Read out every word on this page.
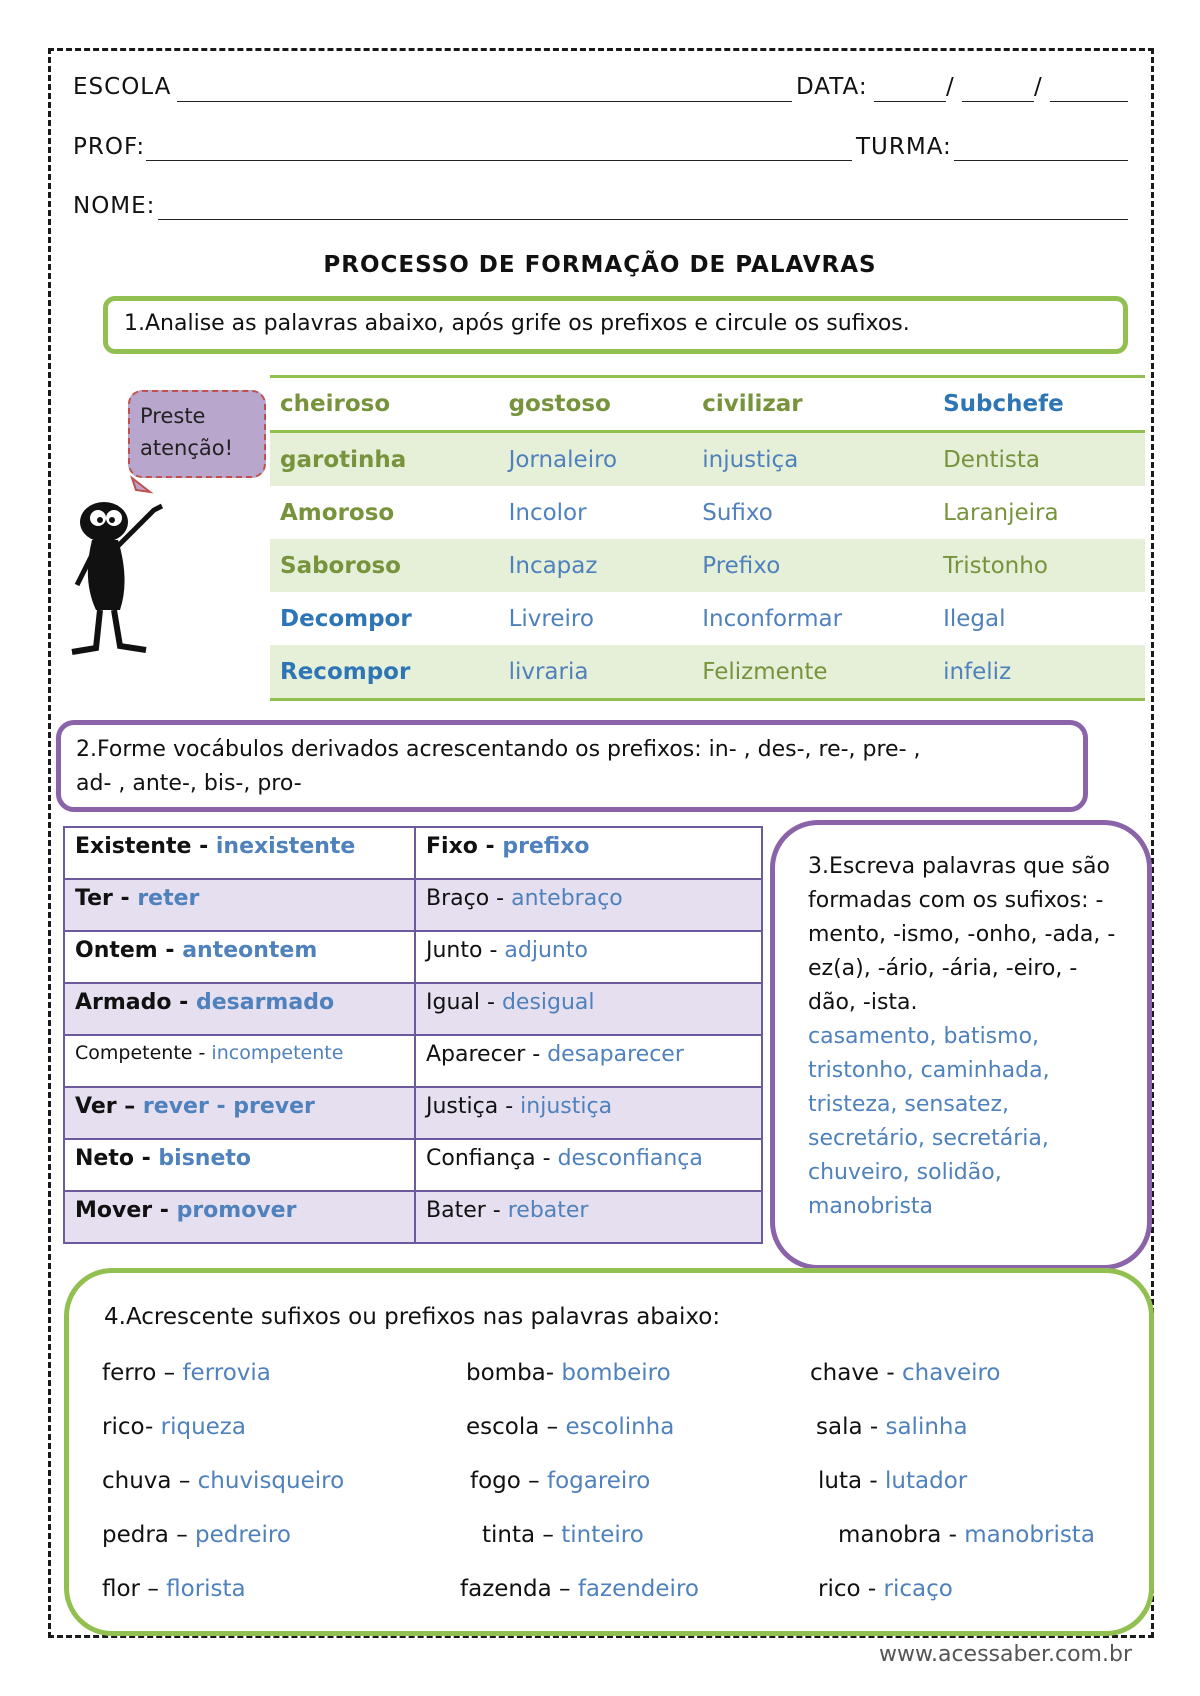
ESCOLA	DATA:	/	/
PROF:	TURMA:
NOME:
PROCESSO DE FORMAÇÃO DE PALAVRAS
1.Analise as palavras abaixo, após grife os prefixos e circule os sufixos.
Preste
atenção!
cheiroso	gostoso	civilizar	Subchefe
garotinha	Jornaleiro	injustiça	Dentista
Amoroso	Incolor	Sufixo	Laranjeira
Saboroso	Incapaz	Prefixo	Tristonho
Decompor	Livreiro	Inconformar	Ilegal
Recompor	livraria	Felizmente	infeliz
2.Forme vocábulos derivados acrescentando os prefixos: in- , des-, re-, pre- ,
ad- , ante-, bis-, pro-
Existente - inexistente	Fixo - prefixo
Ter - reter	Braço - antebraço
Ontem - anteontem	Junto - adjunto
Armado - desarmado	Igual - desigual
Competente - incompetente	Aparecer - desaparecer
Ver – rever - prever	Justiça - injustiça
Neto - bisneto	Confiança - desconfiança
Mover - promover	Bater - rebater
3.Escreva palavras que são formadas com os sufixos: -mento, -ismo, -onho, -ada, -ez(a), -ário, -ária, -eiro, -dão, -ista.
casamento, batismo, tristonho, caminhada, tristeza, sensatez, secretário, secretária, chuveiro, solidão, manobrista
4.Acrescente sufixos ou prefixos nas palavras abaixo:
ferro – ferrovia
rico- riqueza
chuva – chuvisqueiro
pedra – pedreiro
flor – florista
bomba- bombeiro
escola – escolinha
fogo – fogareiro
tinta – tinteiro
fazenda – fazendeiro
chave - chaveiro
sala - salinha
luta - lutador
manobra - manobrista
rico - ricaço
www.acessaber.com.br
